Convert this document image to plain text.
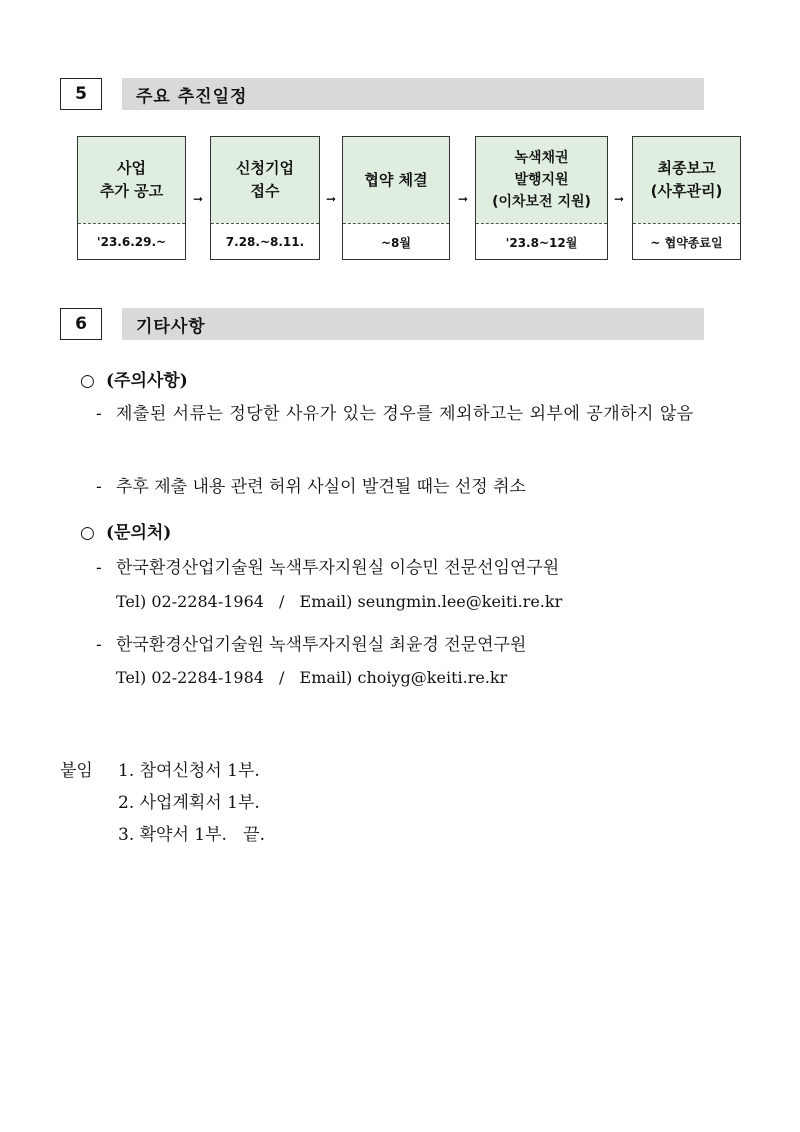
5	주요 추진일정
사업
추가 공고
'23.6.29.~
➞
신청기업
접수
7.28.~8.11.
➞
협약 체결
~8월
➞
녹색채권
발행지원
(이차보전 지원)
'23.8~12월
➞
최종보고
(사후관리)
~ 협약종료일
6	기타사항
○ (주의사항)
- 제출된 서류는 정당한 사유가 있는 경우를 제외하고는 외부에 공개하지 않음
- 추후 제출 내용 관련 허위 사실이 발견될 때는 선정 취소
○ (문의처)
- 한국환경산업기술원 녹색투자지원실 이승민 전문선임연구원
Tel) 02-2284-1964 / Email) seungmin.lee@keiti.re.kr
- 한국환경산업기술원 녹색투자지원실 최윤경 전문연구원
Tel) 02-2284-1984 / Email) choiyg@keiti.re.kr
붙임 1. 참여신청서 1부.
2. 사업계획서 1부.
3. 확약서 1부.   끝.
